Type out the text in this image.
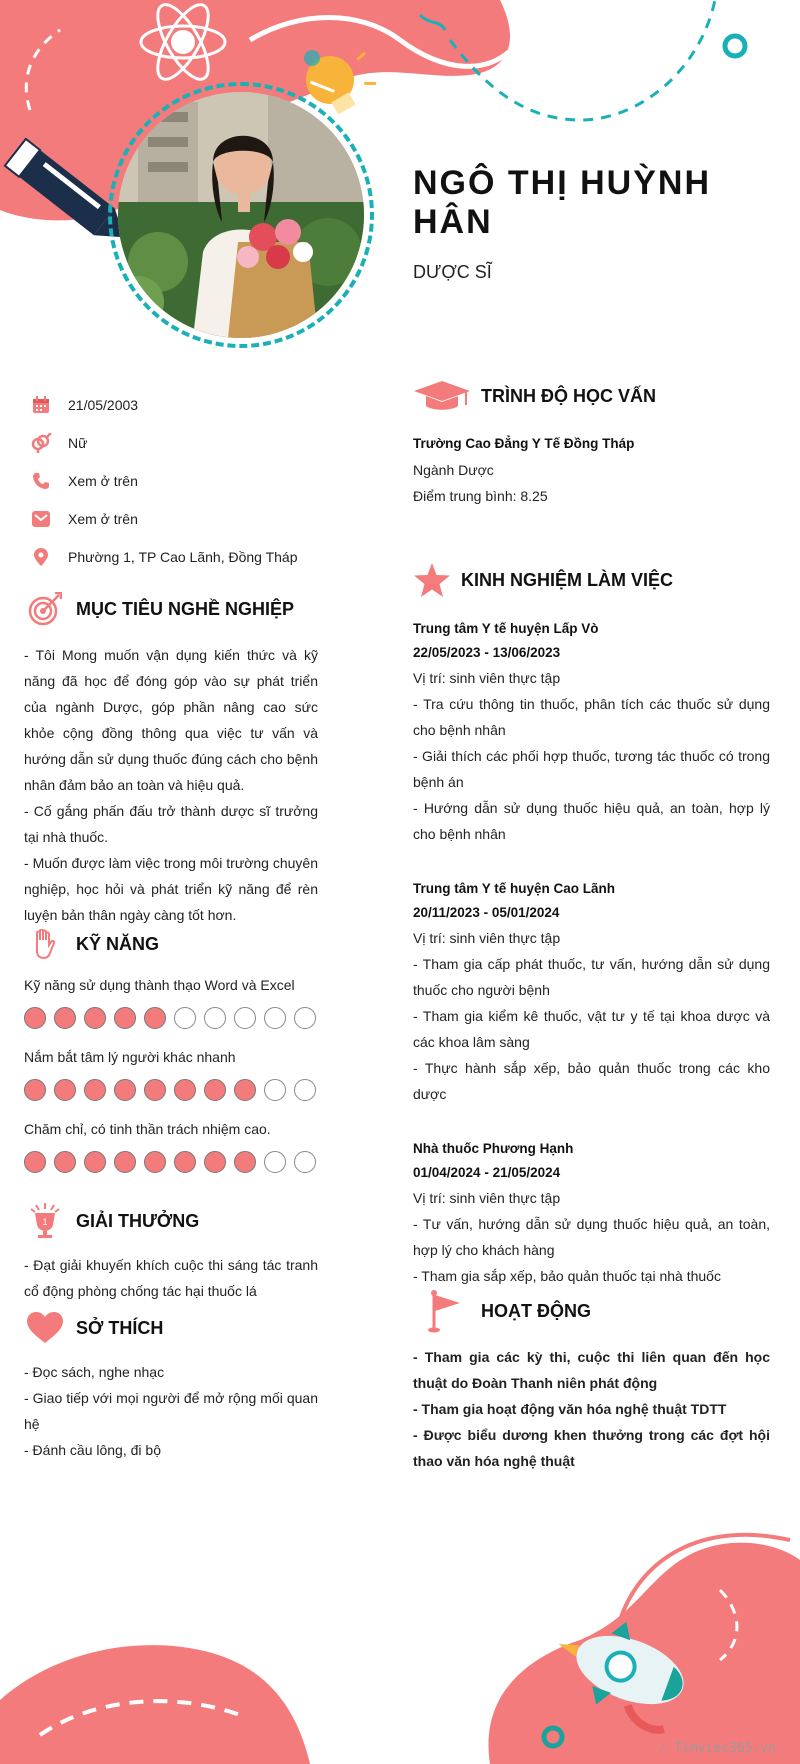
NGÔ THỊ HUỲNH HÂN
DƯỢC SĨ
21/05/2003
Nữ
Xem ở trên
Xem ở trên
Phường 1, TP Cao Lãnh, Đồng Tháp
MỤC TIÊU NGHỀ NGHIỆP
- Tôi Mong muốn vận dụng kiến thức và kỹ năng đã học để đóng góp vào sự phát triển của ngành Dược, góp phần nâng cao sức khỏe cộng đồng thông qua việc tư vấn và hướng dẫn sử dụng thuốc đúng cách cho bệnh nhân đảm bảo an toàn và hiệu quả.
- Cố gắng phấn đấu trở thành dược sĩ trưởng tại nhà thuốc.
- Muốn được làm việc trong môi trường chuyên nghiệp, học hỏi và phát triển kỹ năng để rèn luyện bản thân ngày càng tốt hơn.
KỸ NĂNG
Kỹ năng sử dụng thành thạo Word và Excel
Nắm bắt tâm lý người khác nhanh
Chăm chỉ, có tinh thần trách nhiệm cao.
1 GIẢI THƯỞNG
- Đạt giải khuyến khích cuộc thi sáng tác tranh cổ động phòng chống tác hại thuốc lá
SỞ THÍCH
- Đọc sách, nghe nhạc
- Giao tiếp với mọi người để mở rộng mối quan hệ
- Đánh cầu lông, đi bộ
TRÌNH ĐỘ HỌC VẤN
Trường Cao Đẳng Y Tế Đồng Tháp
Ngành Dược
Điểm trung bình: 8.25
KINH NGHIỆM LÀM VIỆC
Trung tâm Y tế huyện Lấp Vò
22/05/2023 - 13/06/2023
Vị trí: sinh viên thực tập
- Tra cứu thông tin thuốc, phân tích các thuốc sử dụng cho bệnh nhân
- Giải thích các phối hợp thuốc, tương tác thuốc có trong bệnh án
- Hướng dẫn sử dụng thuốc hiệu quả, an toàn, hợp lý cho bệnh nhân
Trung tâm Y tế huyện Cao Lãnh
20/11/2023 - 05/01/2024
Vị trí: sinh viên thực tập
- Tham gia cấp phát thuốc, tư vấn, hướng dẫn sử dụng thuốc cho người bệnh
- Tham gia kiểm kê thuốc, vật tư y tế tại khoa dược và các khoa lâm sàng
- Thực hành sắp xếp, bảo quản thuốc trong các kho dược
Nhà thuốc Phương Hạnh
01/04/2024 - 21/05/2024
Vị trí: sinh viên thực tập
- Tư vấn, hướng dẫn sử dụng thuốc hiệu quả, an toàn, hợp lý cho khách hàng
- Tham gia sắp xếp, bảo quản thuốc tại nhà thuốc
HOẠT ĐỘNG
- Tham gia các kỳ thi, cuộc thi liên quan đến học thuật do Đoàn Thanh niên phát động
- Tham gia hoạt động văn hóa nghệ thuật TDTT
- Được biểu dương khen thưởng trong các đợt hội thao văn hóa nghệ thuật
∴ Timviec365.vn
